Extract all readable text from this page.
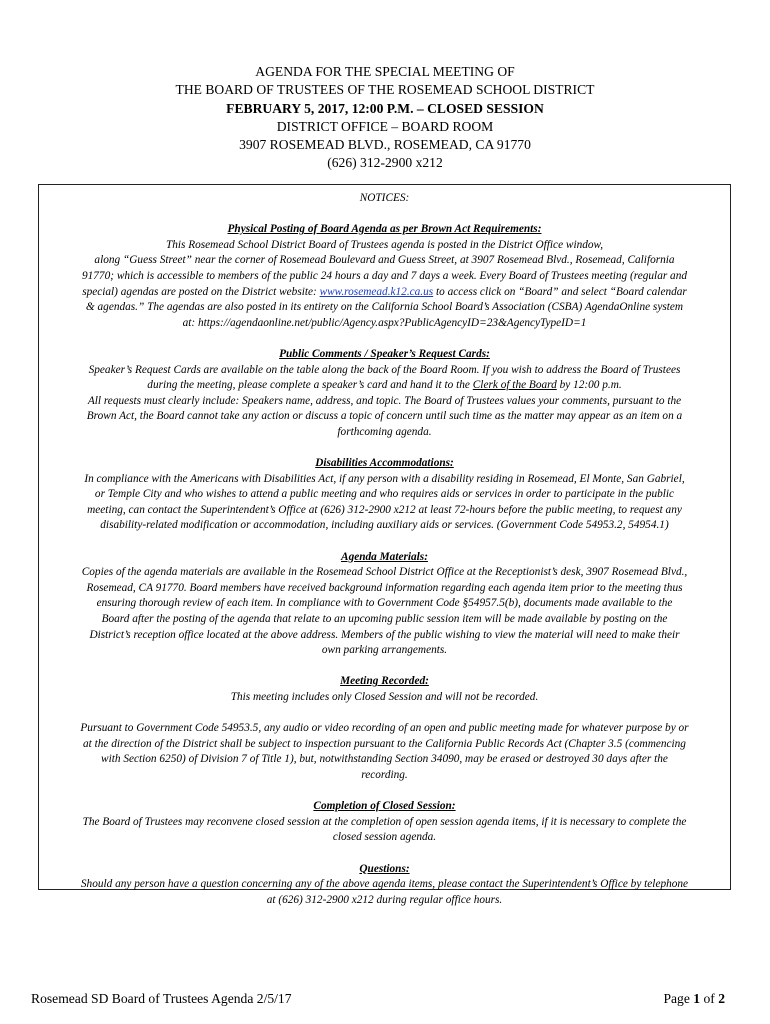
AGENDA FOR THE SPECIAL MEETING OF
THE BOARD OF TRUSTEES OF THE ROSEMEAD SCHOOL DISTRICT
FEBRUARY 5, 2017, 12:00 P.M. – CLOSED SESSION
DISTRICT OFFICE – BOARD ROOM
3907 ROSEMEAD BLVD., ROSEMEAD, CA 91770
(626) 312-2900 x212

NOTICES:

Physical Posting of Board Agenda as per Brown Act Requirements:

This Rosemead School District Board of Trustees agenda is posted in the District Office window,

along “Guess Street” near the corner of Rosemead Boulevard and Guess Street, at 3907 Rosemead Blvd., Rosemead, California

91770; which is accessible to members of the public 24 hours a day and 7 days a week. Every Board of Trustees meeting (regular and

special) agendas are posted on the District website: www.rosemead.k12.ca.us to access click on “Board” and select “Board calendar

& agendas.” The agendas are also posted in its entirety on the California School Board’s Association (CSBA) AgendaOnline system

at: https://agendaonline.net/public/Agency.aspx?PublicAgencyID=23&AgencyTypeID=1

Public Comments / Speaker’s Request Cards:

Speaker’s Request Cards are available on the table along the back of the Board Room. If you wish to address the Board of Trustees

during the meeting, please complete a speaker’s card and hand it to the Clerk of the Board by 12:00 p.m.

All requests must clearly include: Speakers name, address, and topic. The Board of Trustees values your comments, pursuant to the

Brown Act, the Board cannot take any action or discuss a topic of concern until such time as the matter may appear as an item on a

forthcoming agenda.

Disabilities Accommodations:

In compliance with the Americans with Disabilities Act, if any person with a disability residing in Rosemead, El Monte, San Gabriel,

or Temple City and who wishes to attend a public meeting and who requires aids or services in order to participate in the public

meeting, can contact the Superintendent’s Office at (626) 312-2900 x212 at least 72-hours before the public meeting, to request any

disability-related modification or accommodation, including auxiliary aids or services. (Government Code 54953.2, 54954.1)

Agenda Materials:

Copies of the agenda materials are available in the Rosemead School District Office at the Receptionist’s desk, 3907 Rosemead Blvd.,

Rosemead, CA 91770. Board members have received background information regarding each agenda item prior to the meeting thus

ensuring thorough review of each item. In compliance with to Government Code §54957.5(b), documents made available to the

Board after the posting of the agenda that relate to an upcoming public session item will be made available by posting on the

District’s reception office located at the above address. Members of the public wishing to view the material will need to make their

own parking arrangements.

Meeting Recorded:

This meeting includes only Closed Session and will not be recorded.

Pursuant to Government Code 54953.5, any audio or video recording of an open and public meeting made for whatever purpose by or

at the direction of the District shall be subject to inspection pursuant to the California Public Records Act (Chapter 3.5 (commencing

with Section 6250) of Division 7 of Title 1), but, notwithstanding Section 34090, may be erased or destroyed 30 days after the

recording.

Completion of Closed Session:

The Board of Trustees may reconvene closed session at the completion of open session agenda items, if it is necessary to complete the

closed session agenda.

Questions:

Should any person have a question concerning any of the above agenda items, please contact the Superintendent’s Office by telephone

at (626) 312-2900 x212 during regular office hours.

Rosemead SD Board of Trustees Agenda 2/5/17	Page 1 of 2
